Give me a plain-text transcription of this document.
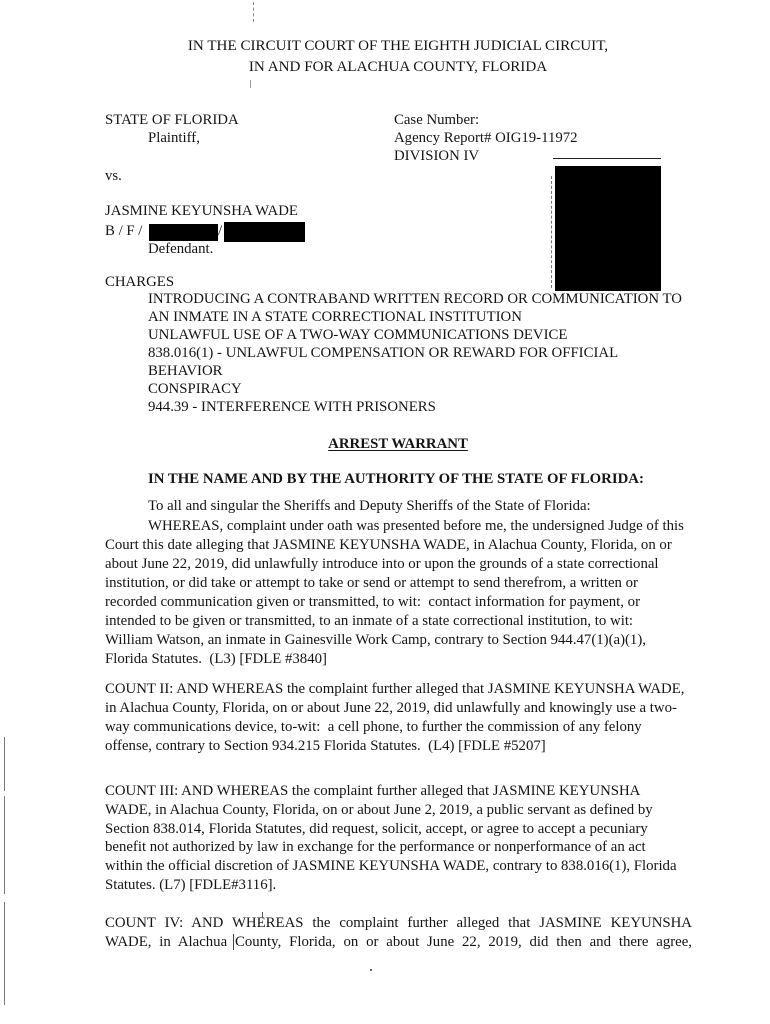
IN THE CIRCUIT COURT OF THE EIGHTH JUDICIAL CIRCUIT,
IN AND FOR ALACHUA COUNTY, FLORIDA
STATE OF FLORIDA
Plaintiff,
Case Number:
Agency Report# OIG19-11972
DIVISION IV
vs.
JASMINE KEYUNSHA WADE
B / F /	/
Defendant.
CHARGES
INTRODUCING A CONTRABAND WRITTEN RECORD OR COMMUNICATION TO
AN INMATE IN A STATE CORRECTIONAL INSTITUTION
UNLAWFUL USE OF A TWO-WAY COMMUNICATIONS DEVICE
838.016(1) - UNLAWFUL COMPENSATION OR REWARD FOR OFFICIAL
BEHAVIOR
CONSPIRACY
944.39 - INTERFERENCE WITH PRISONERS
ARREST WARRANT
IN THE NAME AND BY THE AUTHORITY OF THE STATE OF FLORIDA:
To all and singular the Sheriffs and Deputy Sheriffs of the State of Florida:
WHEREAS, complaint under oath was presented before me, the undersigned Judge of this
Court this date alleging that JASMINE KEYUNSHA WADE, in Alachua County, Florida, on or
about June 22, 2019, did unlawfully introduce into or upon the grounds of a state correctional
institution, or did take or attempt to take or send or attempt to send therefrom, a written or
recorded communication given or transmitted, to wit:  contact information for payment, or
intended to be given or transmitted, to an inmate of a state correctional institution, to wit:
William Watson, an inmate in Gainesville Work Camp, contrary to Section 944.47(1)(a)(1),
Florida Statutes.  (L3) [FDLE #3840]
COUNT II: AND WHEREAS the complaint further alleged that JASMINE KEYUNSHA WADE,
in Alachua County, Florida, on or about June 22, 2019, did unlawfully and knowingly use a two-
way communications device, to-wit:  a cell phone, to further the commission of any felony
offense, contrary to Section 934.215 Florida Statutes.  (L4) [FDLE #5207]
COUNT III: AND WHEREAS the complaint further alleged that JASMINE KEYUNSHA
WADE, in Alachua County, Florida, on or about June 2, 2019, a public servant as defined by
Section 838.014, Florida Statutes, did request, solicit, accept, or agree to accept a pecuniary
benefit not authorized by law in exchange for the performance or nonperformance of an act
within the official discretion of JASMINE KEYUNSHA WADE, contrary to 838.016(1), Florida
Statutes. (L7) [FDLE#3116].
COUNT IV: AND WHEREAS the complaint further alleged that JASMINE KEYUNSHA
WADE, in Alachua County, Florida, on or about June 22, 2019, did then and there agree,
